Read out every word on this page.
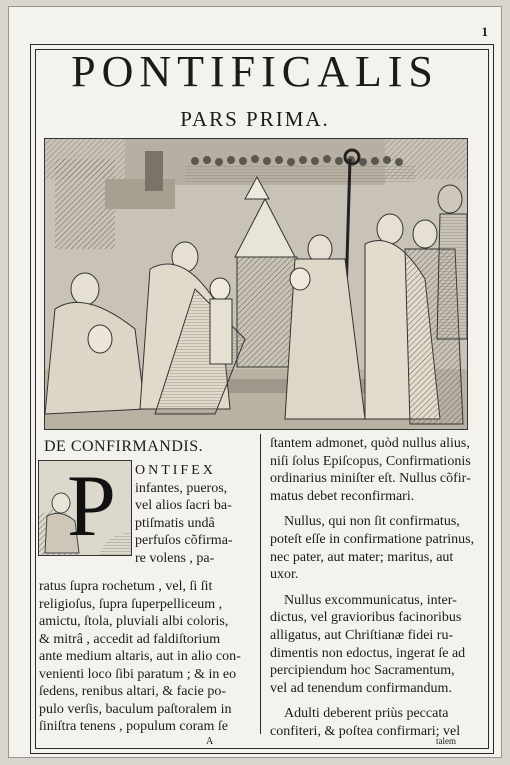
1
PONTIFICALIS
PARS PRIMA.
DE CONFIRMANDIS.
P ONTIFEX
infantes, pueros,
vel alios ſacri ba-
ptiſmatis undâ
perfuſos cõfirma-
re volens , pa-
ratus ſupra rochetum , vel, ſi ſit
religioſus, ſupra ſuperpelliceum ,
amictu, ſtola, pluviali albi coloris,
& mitrâ , accedit ad faldiſtorium
ante medium altaris, aut in alio con-
venienti loco ſibi paratum ; & in eo
ſedens, renibus altari, & facie po-
pulo verſis, baculum paſtoralem in
ſiniſtra tenens , populum coram ſe

ſtantem admonet, quòd nullus alius,
niſi ſolus Epiſcopus, Confirmationis
ordinarius miniſter eſt. Nullus cõfir-
matus debet reconfirmari.

Nullus, qui non ſit confirmatus,
poteſt eſſe in confirmatione patrinus,
nec pater, aut mater; maritus, aut
uxor.

Nullus excommunicatus, inter-
dictus, vel gravioribus facinoribus
alligatus, aut Chriſtianæ fidei ru-
dimentis non edoctus, ingerat ſe ad
percipiendum hoc Sacramentum,
vel ad tenendum confirmandum.

Adulti deberent priùs peccata
confiteri, & poſtea confirmari; vel

A	talem
